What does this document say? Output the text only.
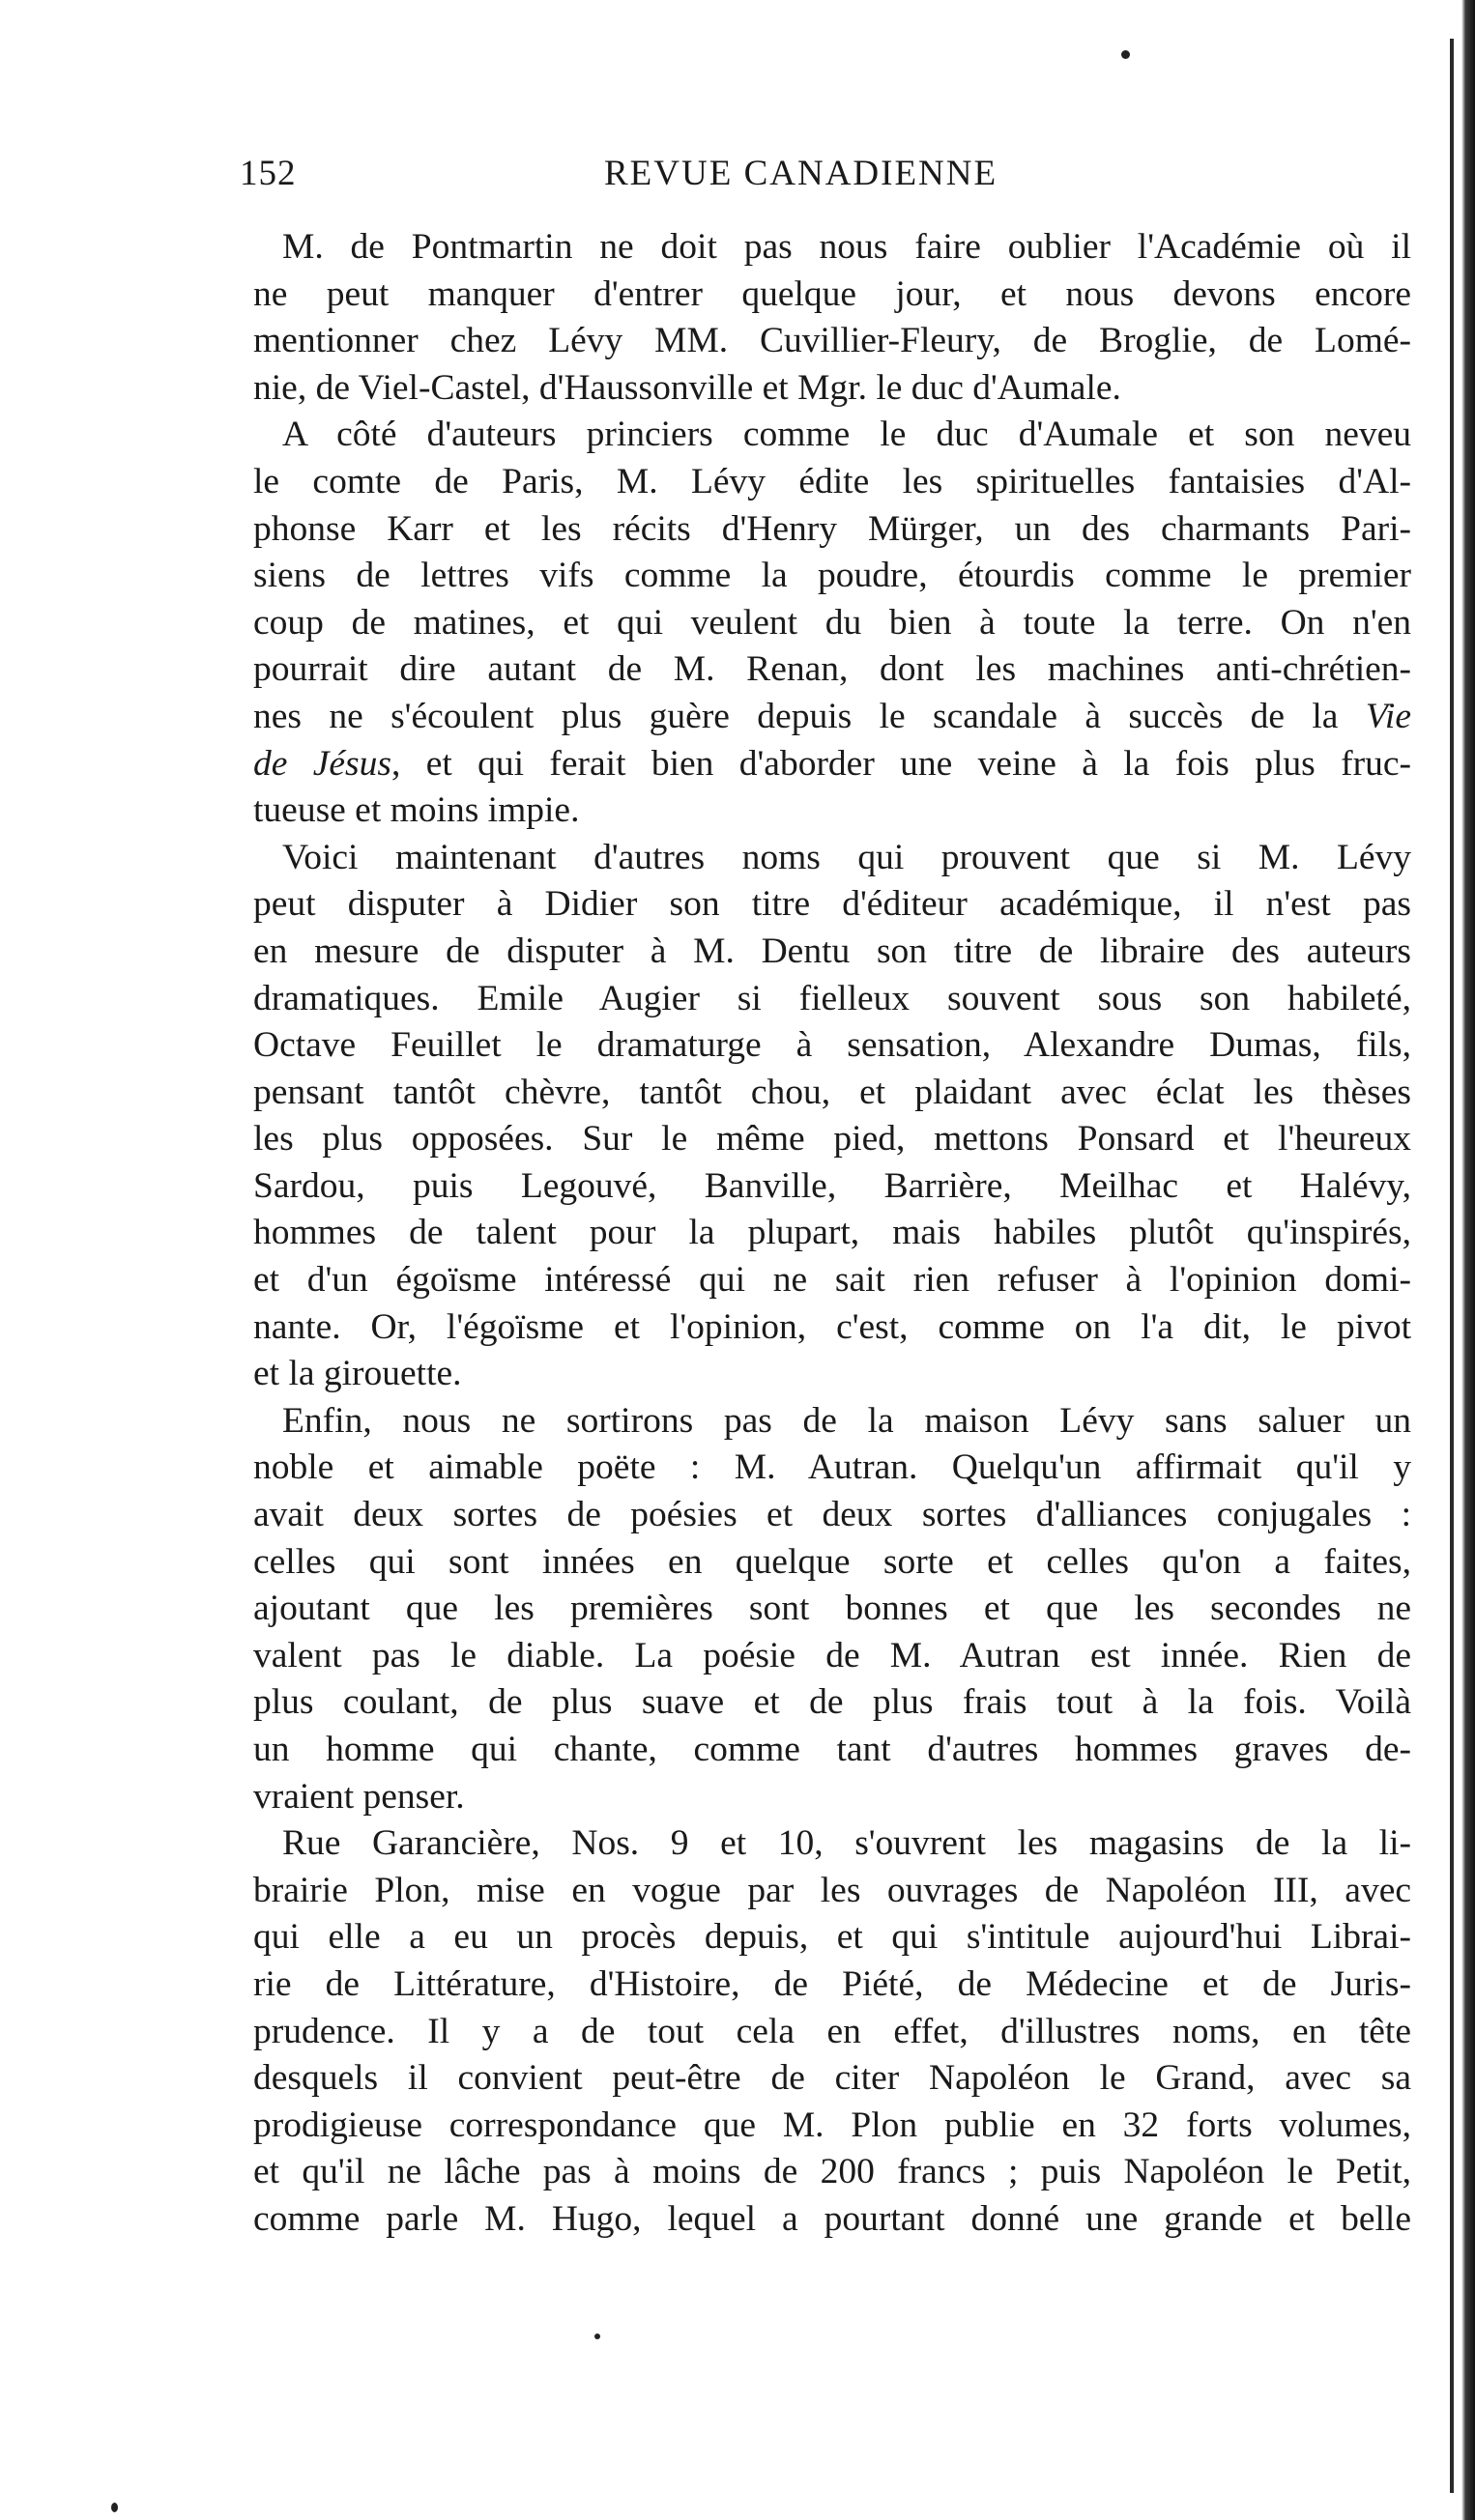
152	REVUE CANADIENNE
M. de Pontmartin ne doit pas nous faire oublier l'Académie où il
ne peut manquer d'entrer quelque jour, et nous devons encore
mentionner chez Lévy MM. Cuvillier-Fleury, de Broglie, de Lomé-
nie, de Viel-Castel, d'Haussonville et Mgr. le duc d'Aumale.
A côté d'auteurs princiers comme le duc d'Aumale et son neveu
le comte de Paris, M. Lévy édite les spirituelles fantaisies d'Al-
phonse Karr et les récits d'Henry Mürger, un des charmants Pari-
siens de lettres vifs comme la poudre, étourdis comme le premier
coup de matines, et qui veulent du bien à toute la terre. On n'en
pourrait dire autant de M. Renan, dont les machines anti-chrétien-
nes ne s'écoulent plus guère depuis le scandale à succès de la Vie
de Jésus, et qui ferait bien d'aborder une veine à la fois plus fruc-
tueuse et moins impie.
Voici maintenant d'autres noms qui prouvent que si M. Lévy
peut disputer à Didier son titre d'éditeur académique, il n'est pas
en mesure de disputer à M. Dentu son titre de libraire des auteurs
dramatiques. Emile Augier si fielleux souvent sous son habileté,
Octave Feuillet le dramaturge à sensation, Alexandre Dumas, fils,
pensant tantôt chèvre, tantôt chou, et plaidant avec éclat les thèses
les plus opposées. Sur le même pied, mettons Ponsard et l'heureux
Sardou, puis Legouvé, Banville, Barrière, Meilhac et Halévy,
hommes de talent pour la plupart, mais habiles plutôt qu'inspirés,
et d'un égoïsme intéressé qui ne sait rien refuser à l'opinion domi-
nante. Or, l'égoïsme et l'opinion, c'est, comme on l'a dit, le pivot
et la girouette.
Enfin, nous ne sortirons pas de la maison Lévy sans saluer un
noble et aimable poëte : M. Autran. Quelqu'un affirmait qu'il y
avait deux sortes de poésies et deux sortes d'alliances conjugales :
celles qui sont innées en quelque sorte et celles qu'on a faites,
ajoutant que les premières sont bonnes et que les secondes ne
valent pas le diable. La poésie de M. Autran est innée. Rien de
plus coulant, de plus suave et de plus frais tout à la fois. Voilà
un homme qui chante, comme tant d'autres hommes graves de-
vraient penser.
Rue Garancière, Nos. 9 et 10, s'ouvrent les magasins de la li-
brairie Plon, mise en vogue par les ouvrages de Napoléon III, avec
qui elle a eu un procès depuis, et qui s'intitule aujourd'hui Librai-
rie de Littérature, d'Histoire, de Piété, de Médecine et de Juris-
prudence. Il y a de tout cela en effet, d'illustres noms, en tête
desquels il convient peut-être de citer Napoléon le Grand, avec sa
prodigieuse correspondance que M. Plon publie en 32 forts volumes,
et qu'il ne lâche pas à moins de 200 francs ; puis Napoléon le Petit,
comme parle M. Hugo, lequel a pourtant donné une grande et belle
